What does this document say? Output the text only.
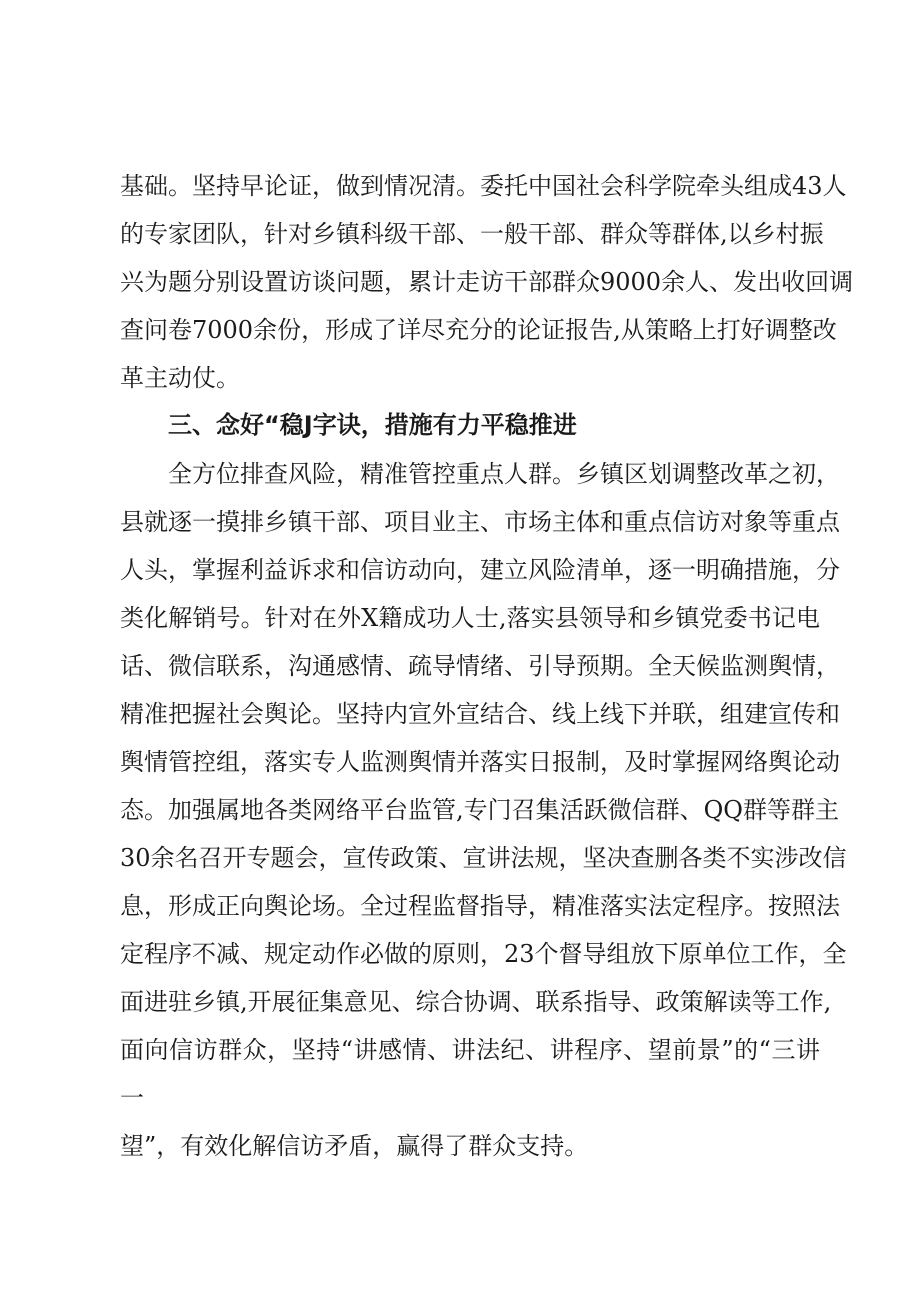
基础。坚持早论证，做到情况清。委托中国社会科学院牵头组成43人
的专家团队，针对乡镇科级干部、一般干部、群众等群体,以乡村振
兴为题分别设置访谈问题，累计走访干部群众9000余人、发出收回调
查问卷7000余份，形成了详尽充分的论证报告,从策略上打好调整改
革主动仗。
三、念好“稳J字诀，措施有力平稳推进
全方位排查风险，精准管控重点人群。乡镇区划调整改革之初，
县就逐一摸排乡镇干部、项目业主、市场主体和重点信访对象等重点
人头，掌握利益诉求和信访动向，建立风险清单，逐一明确措施，分
类化解销号。针对在外X籍成功人士,落实县领导和乡镇党委书记电
话、微信联系，沟通感情、疏导情绪、引导预期。全天候监测舆情，
精准把握社会舆论。坚持内宣外宣结合、线上线下并联，组建宣传和
舆情管控组，落实专人监测舆情并落实日报制，及时掌握网络舆论动
态。加强属地各类网络平台监管,专门召集活跃微信群、QQ群等群主
30余名召开专题会，宣传政策、宣讲法规，坚决查删各类不实涉改信
息，形成正向舆论场。全过程监督指导，精准落实法定程序。按照法
定程序不减、规定动作必做的原则，23个督导组放下原单位工作，全
面进驻乡镇,开展征集意见、综合协调、联系指导、政策解读等工作,
面向信访群众，坚持“讲感情、讲法纪、讲程序、望前景”的“三讲
一
望”，有效化解信访矛盾，赢得了群众支持。
